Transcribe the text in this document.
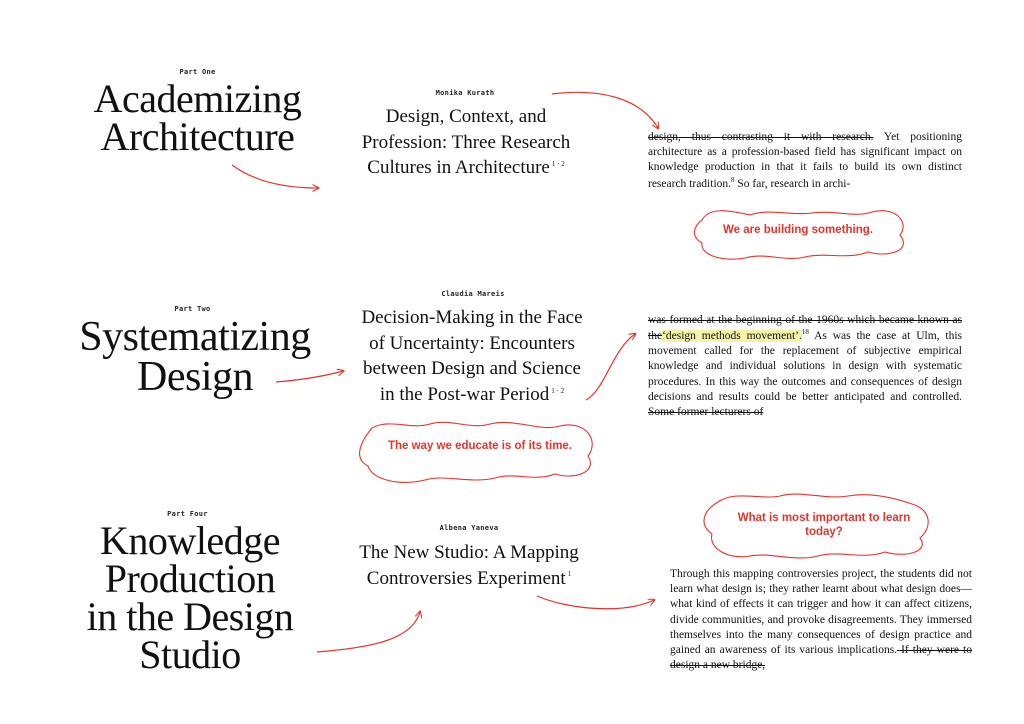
Part One
Academizing
Architecture
Monika Kurath
Design, Context, and
Profession: Three Research
Cultures in Architecture $^{1 \cdot 2}$
design, thus contrasting it with research. Yet positioning architecture as a profession-based field has significant impact on knowledge production in that it fails to build its own distinct research tradition.$^8$ So far, research in archi-
We are building something.
Part Two
Systematizing
Design
Claudia Mareis
Decision-Making in the Face
of Uncertainty: Encounters
between Design and Science
in the Post-war Period $^{1 \cdot 2}$
was formed at the beginning of the 1960s which became known as the‘design methods movement’.$^{18}$ As was the case at Ulm, this movement called for the replacement of subjective empirical knowledge and individual solutions in design with systematic procedures. In this way the outcomes and consequences of design decisions and results could be better anticipated and controlled. Some former lecturers of
The way we educate is of its time.
Part Four
Knowledge
Production
in the Design
Studio
Albena Yaneva
The New Studio: A Mapping
Controversies Experiment $^1$	Through this mapping controversies project, the students did not learn what design is; they rather learnt about what design does—what kind of effects it can trigger and how it can affect citizens, divide communities, and provoke disagreements. They immersed themselves into the many consequences of design practice and gained an awareness of its various implications. If they were to design a new bridge,
What is most important to learn today?
